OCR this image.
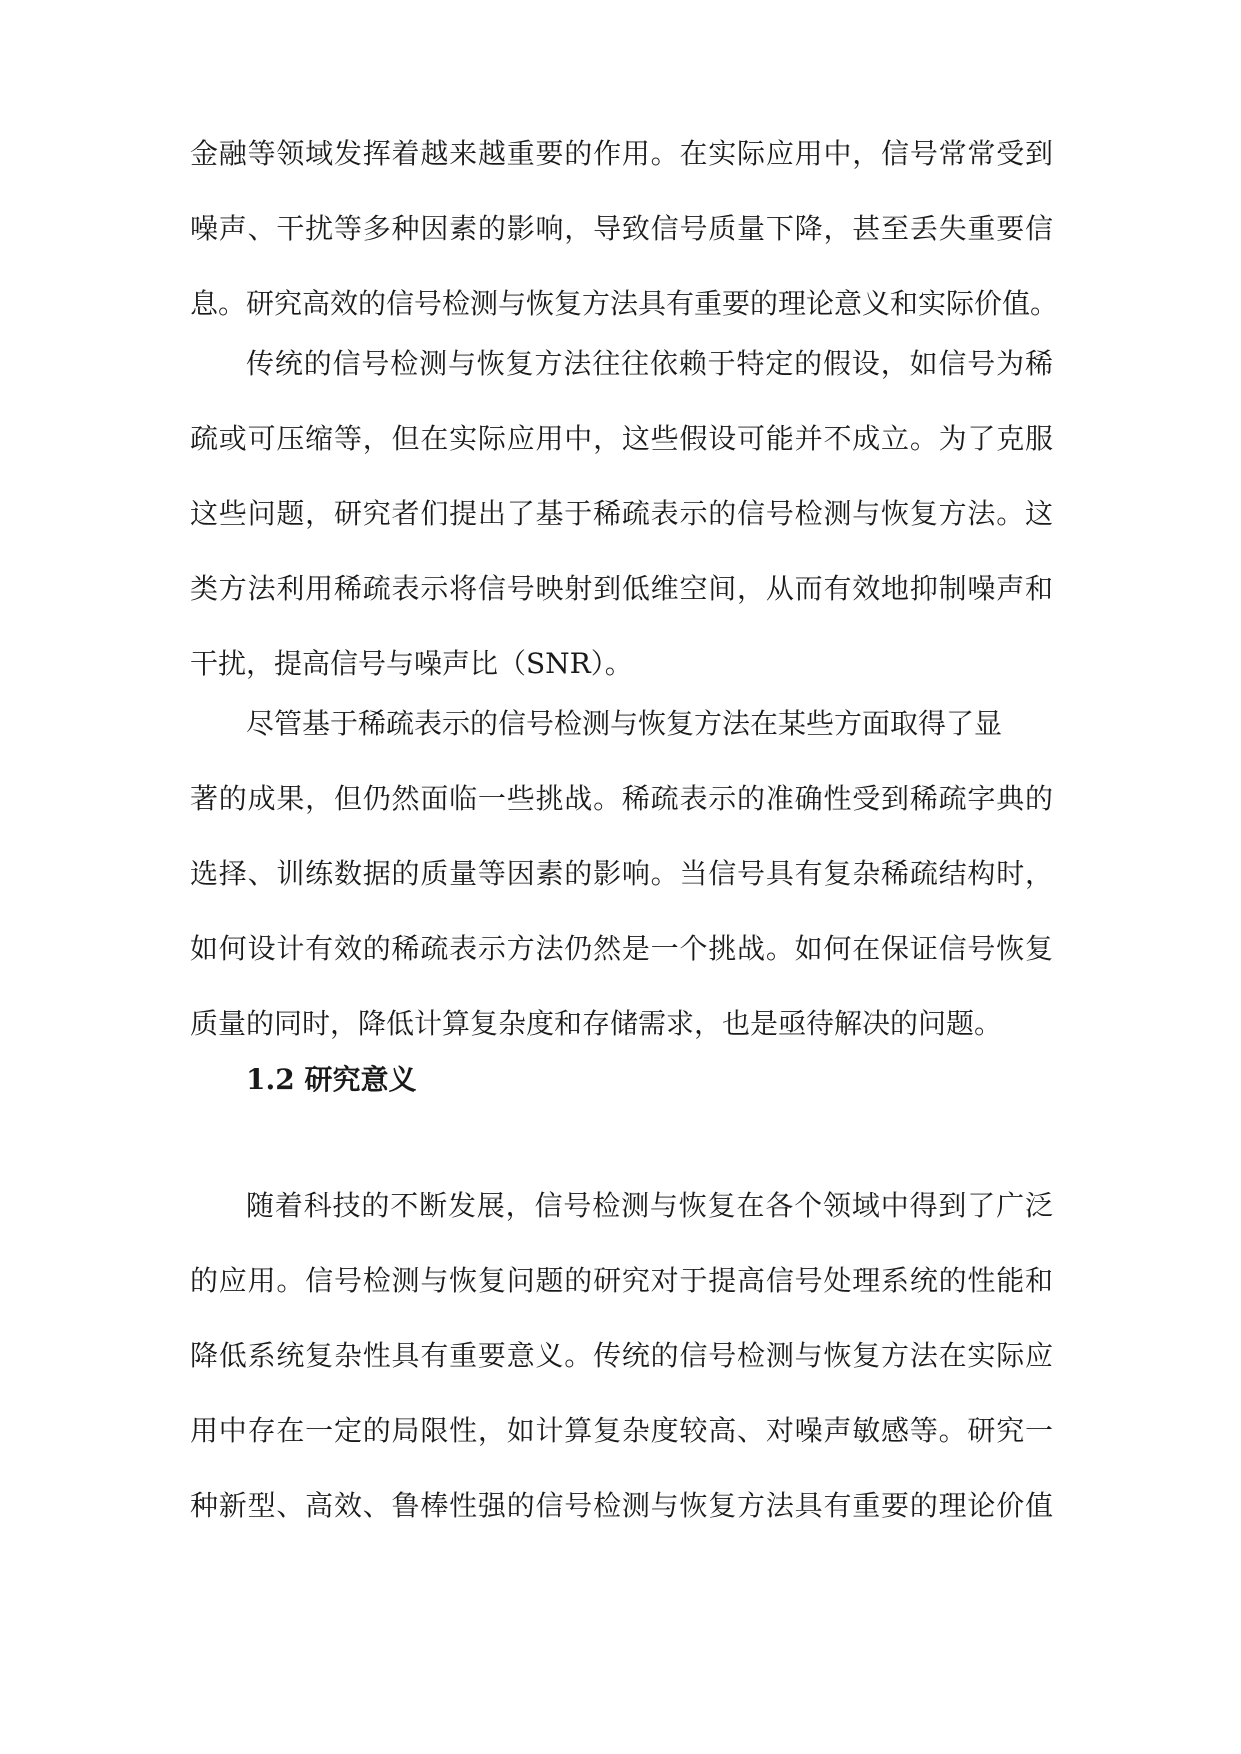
金融等领域发挥着越来越重要的作用。在实际应用中，信号常常受到
噪声、干扰等多种因素的影响，导致信号质量下降，甚至丢失重要信
息。研究高效的信号检测与恢复方法具有重要的理论意义和实际价值。
传统的信号检测与恢复方法往往依赖于特定的假设，如信号为稀
疏或可压缩等，但在实际应用中，这些假设可能并不成立。为了克服
这些问题，研究者们提出了基于稀疏表示的信号检测与恢复方法。这
类方法利用稀疏表示将信号映射到低维空间，从而有效地抑制噪声和
干扰，提高信号与噪声比（SNR）。
尽管基于稀疏表示的信号检测与恢复方法在某些方面取得了显
著的成果，但仍然面临一些挑战。稀疏表示的准确性受到稀疏字典的
选择、训练数据的质量等因素的影响。当信号具有复杂稀疏结构时，
如何设计有效的稀疏表示方法仍然是一个挑战。如何在保证信号恢复
质量的同时，降低计算复杂度和存储需求，也是亟待解决的问题。
1.2 研究意义
随着科技的不断发展，信号检测与恢复在各个领域中得到了广泛
的应用。信号检测与恢复问题的研究对于提高信号处理系统的性能和
降低系统复杂性具有重要意义。传统的信号检测与恢复方法在实际应
用中存在一定的局限性，如计算复杂度较高、对噪声敏感等。研究一
种新型、高效、鲁棒性强的信号检测与恢复方法具有重要的理论价值
